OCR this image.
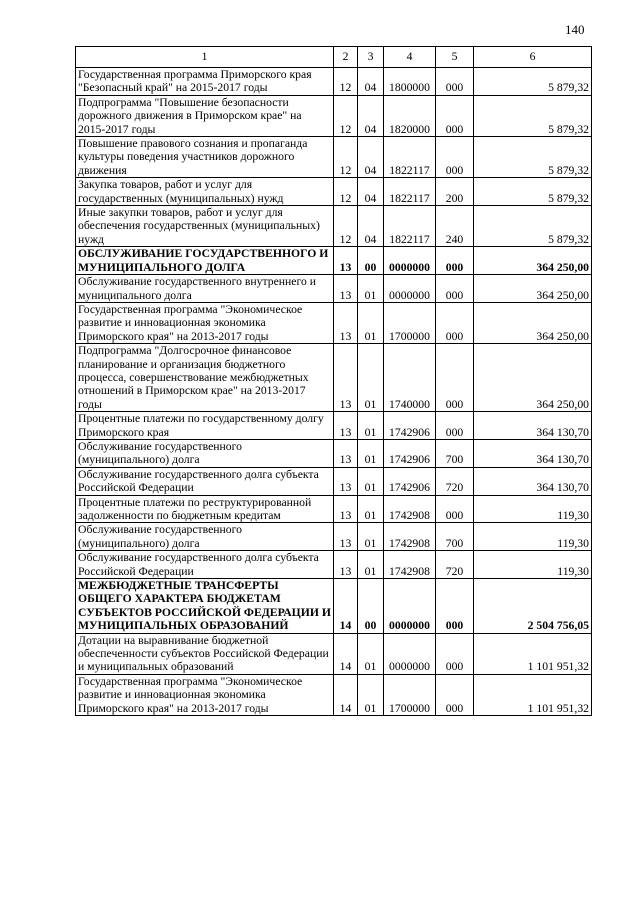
140
1	2	3	4	5	6
Государственная программа Приморского края "Безопасный край" на 2015-2017 годы	12	04	1800000	000	5 879,32
Подпрограмма "Повышение безопасности дорожного движения в Приморском крае" на 2015-2017 годы	12	04	1820000	000	5 879,32
Повышение правового сознания и пропаганда культуры поведения участников дорожного движения	12	04	1822117	000	5 879,32
Закупка товаров, работ и услуг для государственных (муниципальных) нужд	12	04	1822117	200	5 879,32
Иные закупки товаров, работ и услуг для обеспечения государственных (муниципальных) нужд	12	04	1822117	240	5 879,32
ОБСЛУЖИВАНИЕ ГОСУДАРСТВЕННОГО И МУНИЦИПАЛЬНОГО ДОЛГА	13	00	0000000	000	364 250,00
Обслуживание государственного внутреннего и муниципального долга	13	01	0000000	000	364 250,00
Государственная программа "Экономическое развитие и инновационная экономика Приморского края" на 2013-2017 годы	13	01	1700000	000	364 250,00
Подпрограмма "Долгосрочное финансовое планирование и организация бюджетного процесса, совершенствование межбюджетных отношений в Приморском крае" на 2013-2017 годы	13	01	1740000	000	364 250,00
Процентные платежи по государственному долгу Приморского края	13	01	1742906	000	364 130,70
Обслуживание государственного (муниципального) долга	13	01	1742906	700	364 130,70
Обслуживание государственного долга субъекта Российской Федерации	13	01	1742906	720	364 130,70
Процентные платежи по реструктурированной задолженности по бюджетным кредитам	13	01	1742908	000	119,30
Обслуживание государственного (муниципального) долга	13	01	1742908	700	119,30
Обслуживание государственного долга субъекта Российской Федерации	13	01	1742908	720	119,30
МЕЖБЮДЖЕТНЫЕ ТРАНСФЕРТЫ ОБЩЕГО ХАРАКТЕРА БЮДЖЕТАМ СУБЪЕКТОВ РОССИЙСКОЙ ФЕДЕРАЦИИ И МУНИЦИПАЛЬНЫХ ОБРАЗОВАНИЙ	14	00	0000000	000	2 504 756,05
Дотации на выравнивание бюджетной обеспеченности субъектов Российской Федерации и муниципальных образований	14	01	0000000	000	1 101 951,32
Государственная программа "Экономическое развитие и инновационная экономика Приморского края" на 2013-2017 годы	14	01	1700000	000	1 101 951,32
